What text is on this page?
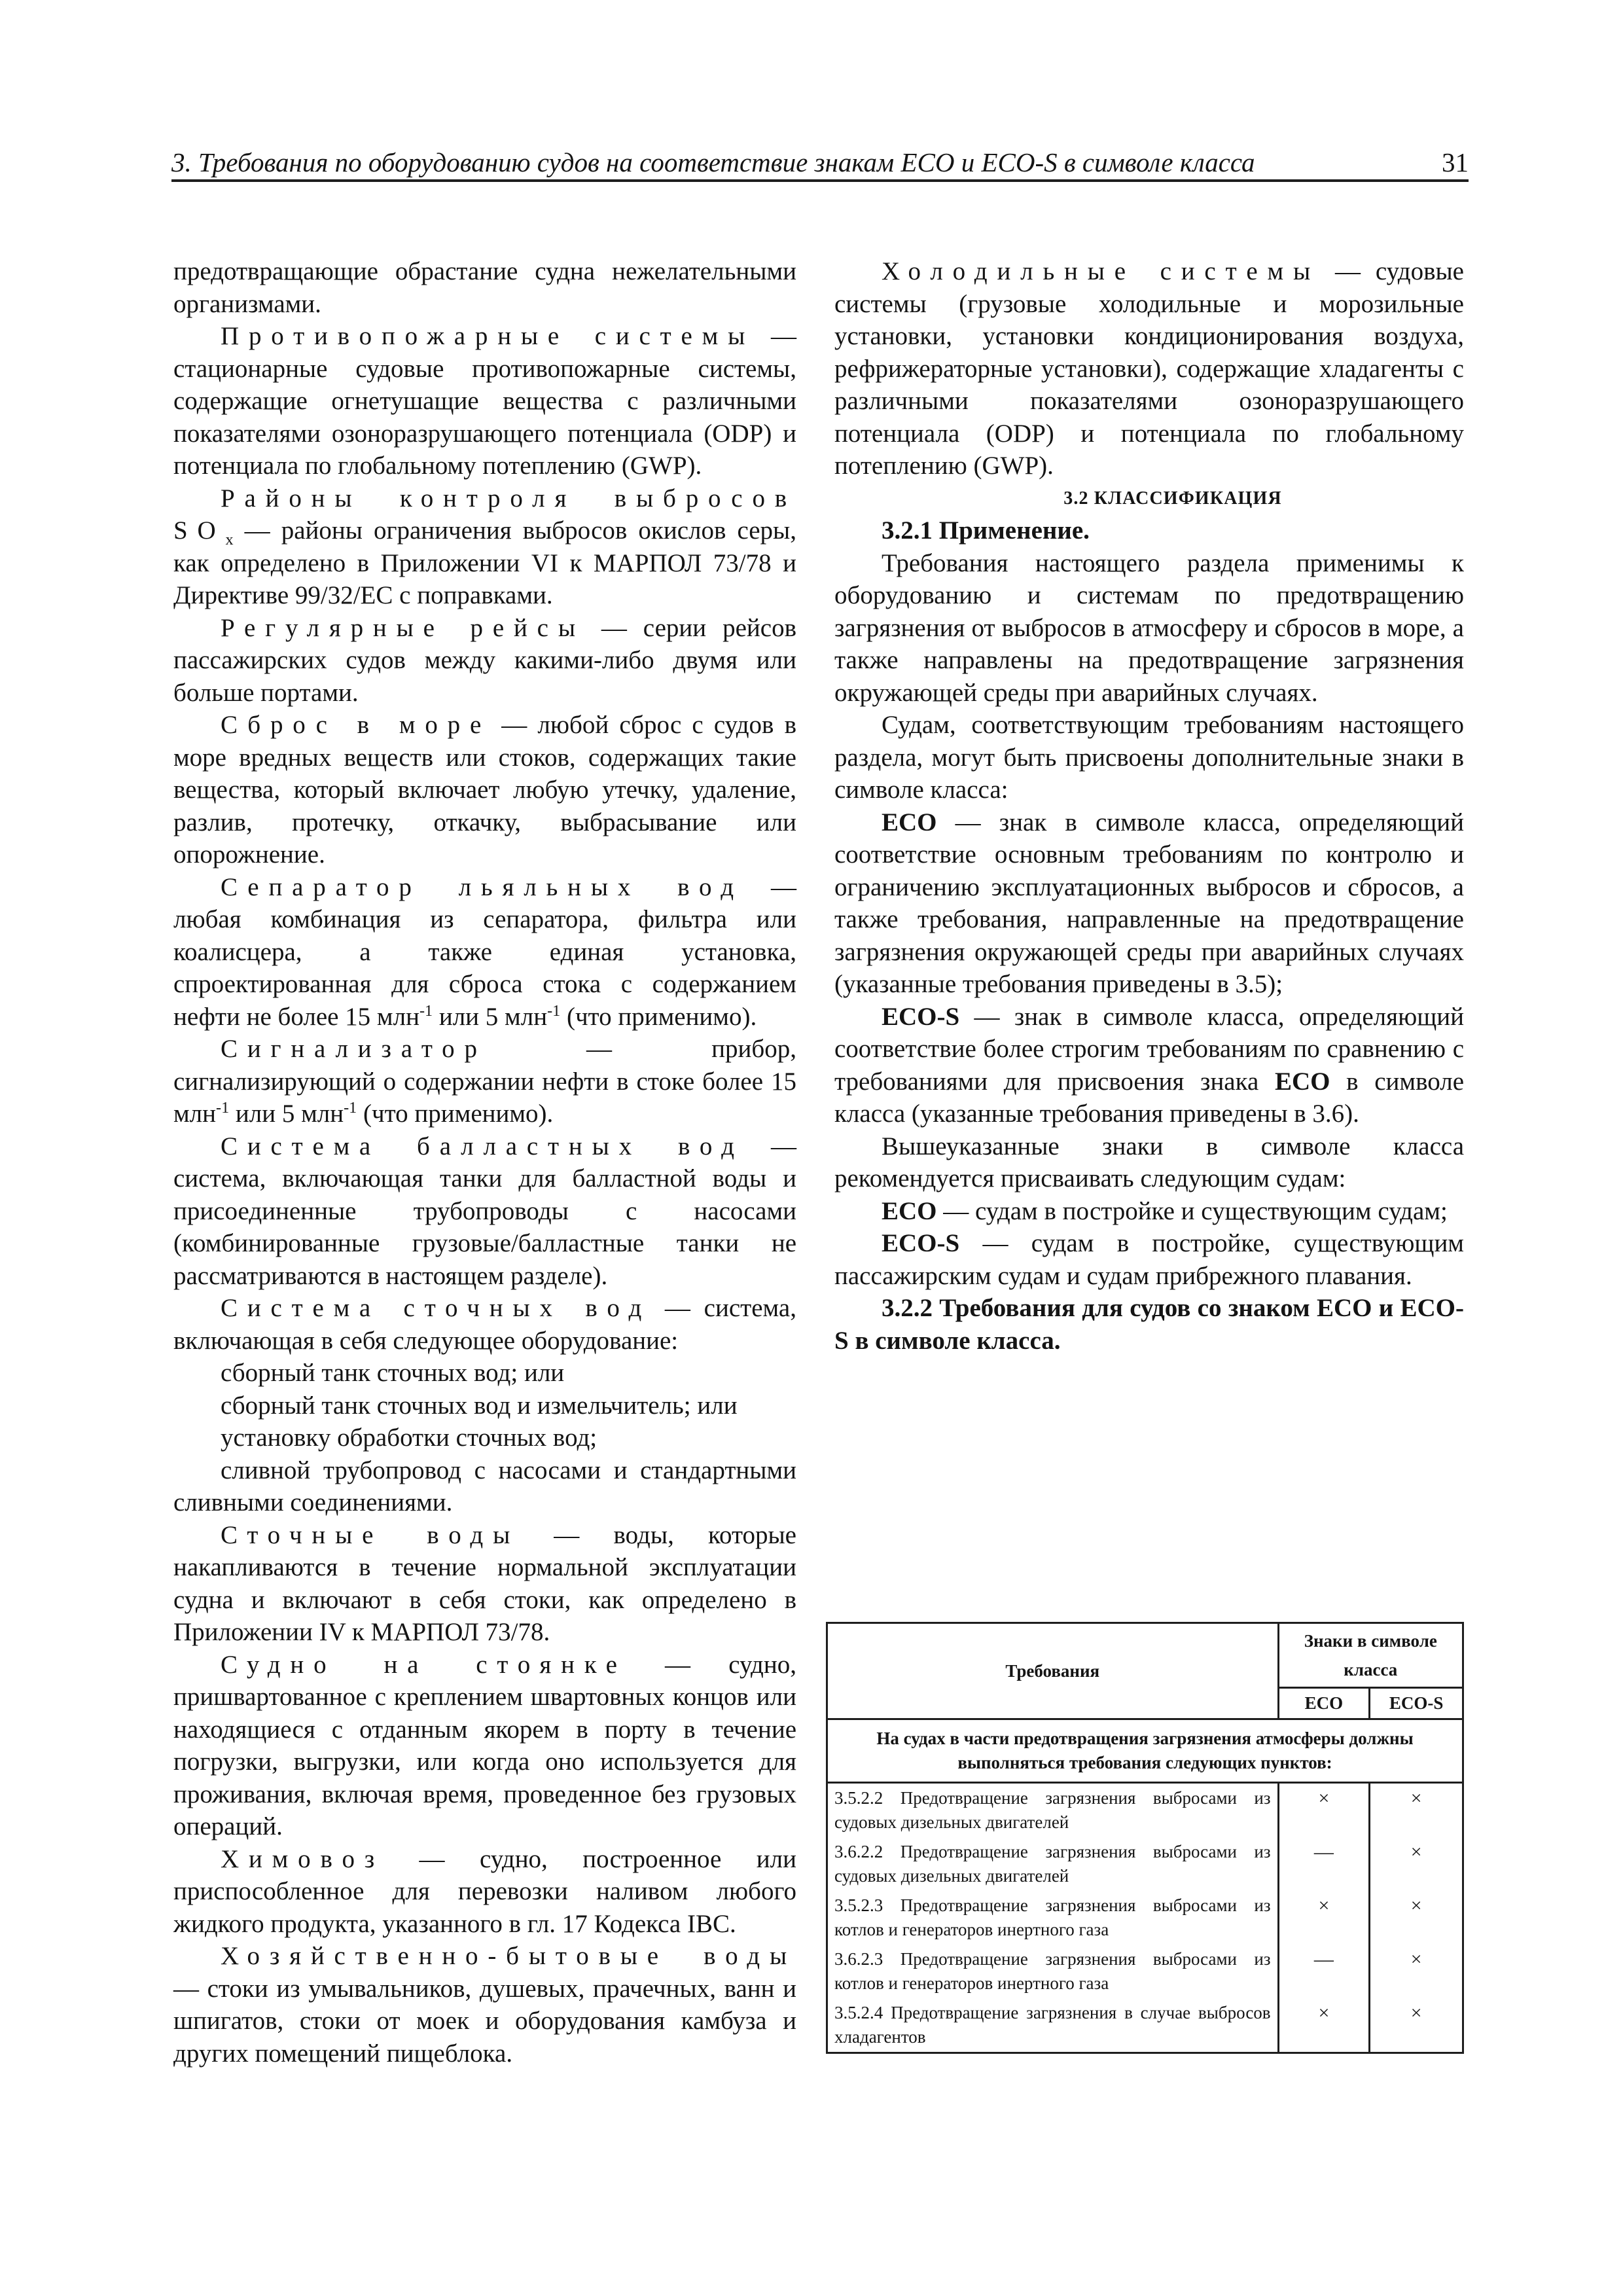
3. Требования по оборудованию судов на соответствие знакам ECO и ECO-S в символе класса	31

предотвращающие обрастание судна нежелательными организмами.

Противопожарные системы — стационарные судовые противопожарные системы, содержащие огнетушащие вещества с различными показателями озоноразрушающего потенциала (ODP) и потенциала по глобальному потеплению (GWP).

Районы контроля выбросов $SO_x$ — районы ограничения выбросов окислов серы, как определено в Приложении VI к МАРПОЛ 73/78 и Директиве 99/32/ЕС с поправками.

Регулярные рейсы — серии рейсов пассажирских судов между какими-либо двумя или больше портами.

Сброс в море — любой сброс с судов в море вредных веществ или стоков, содержащих такие вещества, который включает любую утечку, удаление, разлив, протечку, откачку, выбрасывание или опорожнение.

Сепаратор льяльных вод — любая комбинация из сепаратора, фильтра или коалисцера, а также единая установка, спроектированная для сброса стока с содержанием нефти не более 15 млн$^{-1}$ или 5 млн$^{-1}$ (что применимо).

Сигнализатор — прибор, сигнализирующий о содержании нефти в стоке более 15 млн$^{-1}$ или 5 млн$^{-1}$ (что применимо).

Система балластных вод — система, включающая танки для балластной воды и присоединенные трубопроводы с насосами (комбинированные грузовые/балластные танки не рассматриваются в настоящем разделе).

Система сточных вод — система, включающая в себя следующее оборудование:

сборный танк сточных вод; или

сборный танк сточных вод и измельчитель; или

установку обработки сточных вод;

сливной трубопровод с насосами и стандартными сливными соединениями.

Сточные воды — воды, которые накапливаются в течение нормальной эксплуатации судна и включают в себя стоки, как определено в Приложении IV к МАРПОЛ 73/78.

Судно на стоянке — судно, пришвартованное с креплением швартовных концов или находящиеся с отданным якорем в порту в течение погрузки, выгрузки, или когда оно используется для проживания, включая время, проведенное без грузовых операций.

Химовоз — судно, построенное или приспособленное для перевозки наливом любого жидкого продукта, указанного в гл. 17 Кодекса IBC.

Хозяйственно-бытовые воды — стоки из умывальников, душевых, прачечных, ванн и шпигатов, стоки от моек и оборудования камбуза и других помещений пищеблока.

Холодильные системы — судовые системы (грузовые холодильные и морозильные установки, установки кондиционирования воздуха, рефрижераторные установки), содержащие хладагенты с различными показателями озоноразрушающего потенциала (ODP) и потенциала по глобальному потеплению (GWP).

3.2 КЛАССИФИКАЦИЯ

3.2.1 Применение.

Требования настоящего раздела применимы к оборудованию и системам по предотвращению загрязнения от выбросов в атмосферу и сбросов в море, а также направлены на предотвращение загрязнения окружающей среды при аварийных случаях.

Судам, соответствующим требованиям настоящего раздела, могут быть присвоены дополнительные знаки в символе класса:

ECO — знак в символе класса, определяющий соответствие основным требованиям по контролю и ограничению эксплуатационных выбросов и сбросов, а также требования, направленные на предотвращение загрязнения окружающей среды при аварийных случаях (указанные требования приведены в 3.5);

ECO-S — знак в символе класса, определяющий соответствие более строгим требованиям по сравнению с требованиями для присвоения знака ECO в символе класса (указанные требования приведены в 3.6).

Вышеуказанные знаки в символе класса рекомендуется присваивать следующим судам:

ECO — судам в постройке и существующим судам;

ECO-S — судам в постройке, существующим пассажирским судам и судам прибрежного плавания.

3.2.2 Требования для судов со знаком ECO и ECO-S в символе класса.

Требования	Знаки в символе класса	
	ECO	ECO-S
На судах в части предотвращения загрязнения атмосферы должны выполняться требования следующих пунктов:		
3.5.2.2 Предотвращение загрязнения выбросами из судовых дизельных двигателей	×	×
3.6.2.2 Предотвращение загрязнения выбросами из судовых дизельных двигателей	—	×
3.5.2.3 Предотвращение загрязнения выбросами из котлов и генераторов инертного газа	×	×
3.6.2.3 Предотвращение загрязнения выбросами из котлов и генераторов инертного газа	—	×
3.5.2.4 Предотвращение загрязнения в случае выбросов хладагентов	×	×
